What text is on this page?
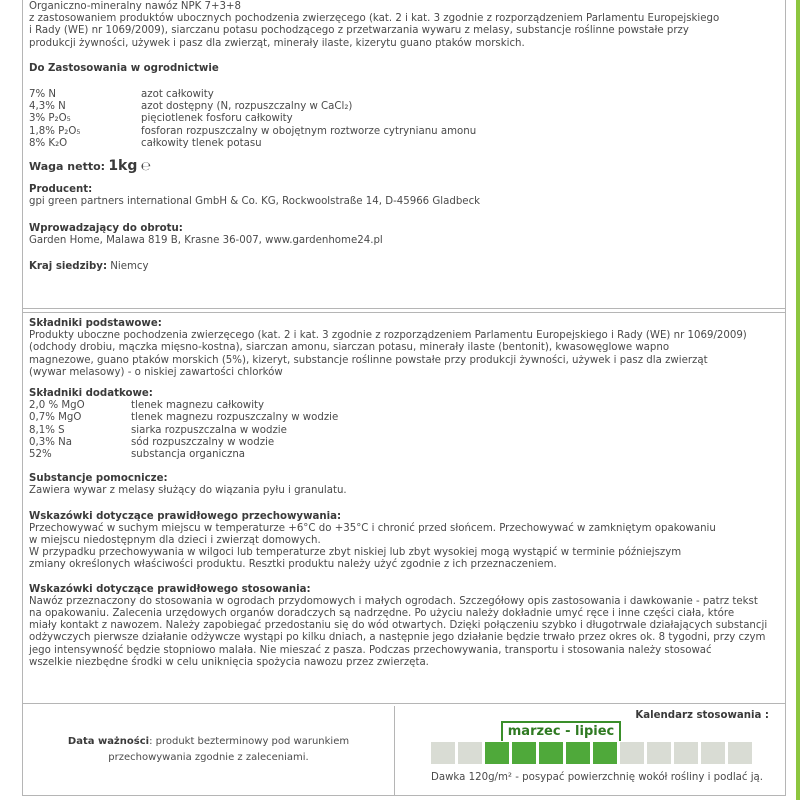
Organiczno-mineralny nawóz NPK 7+3+8

z zastosowaniem produktów ubocznych pochodzenia zwierzęcego (kat. 2 i kat. 3 zgodnie z rozporządzeniem Parlamentu Europejskiego

i Rady (WE) nr 1069/2009), siarczanu potasu pochodzącego z przetwarzania wywaru z melasy, substancje roślinne powstałe przy

produkcji żywności, używek i pasz dla zwierząt, minerały ilaste, kizerytu guano ptaków morskich.

Do Zastosowania w ogrodnictwie

7% N	azot całkowity
4,3% N	azot dostępny (N, rozpuszczalny w CaCl₂)
3% P₂O₅	pięciotlenek fosforu całkowity
1,8% P₂O₅	fosforan rozpuszczalny w obojętnym roztworze cytrynianu amonu
8% K₂O	całkowity tlenek potasu

Waga netto: 1kg ℮

Producent:

gpi green partners international GmbH & Co. KG, Rockwoolstraße 14, D-45966 Gladbeck

Wprowadzający do obrotu:

Garden Home, Malawa 819 B, Krasne 36-007, www.gardenhome24.pl

Kraj siedziby: Niemcy

Składniki podstawowe:

Produkty uboczne pochodzenia zwierzęcego (kat. 2 i kat. 3 zgodnie z rozporządzeniem Parlamentu Europejskiego i Rady (WE) nr 1069/2009)

(odchody drobiu, mączka mięsno-kostna), siarczan amonu, siarczan potasu, minerały ilaste (bentonit), kwasowęglowe wapno

magnezowe, guano ptaków morskich (5%), kizeryt, substancje roślinne powstałe przy produkcji żywności, używek i pasz dla zwierząt

(wywar melasowy) - o niskiej zawartości chlorków

Składniki dodatkowe:

2,0 % MgO	tlenek magnezu całkowity
0,7% MgO	tlenek magnezu rozpuszczalny w wodzie
8,1% S	siarka rozpuszczalna w wodzie
0,3% Na	sód rozpuszczalny w wodzie
52%	substancja organiczna

Substancje pomocnicze:

Zawiera wywar z melasy służący do wiązania pyłu i granulatu.

Wskazówki dotyczące prawidłowego przechowywania:

Przechowywać w suchym miejscu w temperaturze +6°C do +35°C i chronić przed słońcem. Przechowywać w zamkniętym opakowaniu

w miejscu niedostępnym dla dzieci i zwierząt domowych.

W przypadku przechowywania w wilgoci lub temperaturze zbyt niskiej lub zbyt wysokiej mogą wystąpić w terminie późniejszym

zmiany określonych właściwości produktu. Resztki produktu należy użyć zgodnie z ich przeznaczeniem.

Wskazówki dotyczące prawidłowego stosowania:

Nawóz przeznaczony do stosowania w ogrodach przydomowych i małych ogrodach. Szczegółowy opis zastosowania i dawkowanie - patrz tekst

na opakowaniu. Zalecenia urzędowych organów doradczych są nadrzędne. Po użyciu należy dokładnie umyć ręce i inne części ciała, które

miały kontakt z nawozem. Należy zapobiegać przedostaniu się do wód otwartych. Dzięki połączeniu szybko i długotrwale działających substancji

odżywczych pierwsze działanie odżywcze wystąpi po kilku dniach, a następnie jego działanie będzie trwało przez okres ok. 8 tygodni, przy czym

jego intensywność będzie stopniowo malała. Nie mieszać z pasza. Podczas przechowywania, transportu i stosowania należy stosować

wszelkie niezbędne środki w celu uniknięcia spożycia nawozu przez zwierzęta.

Data ważności: produkt bezterminowy pod warunkiem

przechowywania zgodnie z zaleceniami.

Kalendarz stosowania :
marzec - lipiec
Dawka 120g/m² - posypać powierzchnię wokół rośliny i podlać ją.
